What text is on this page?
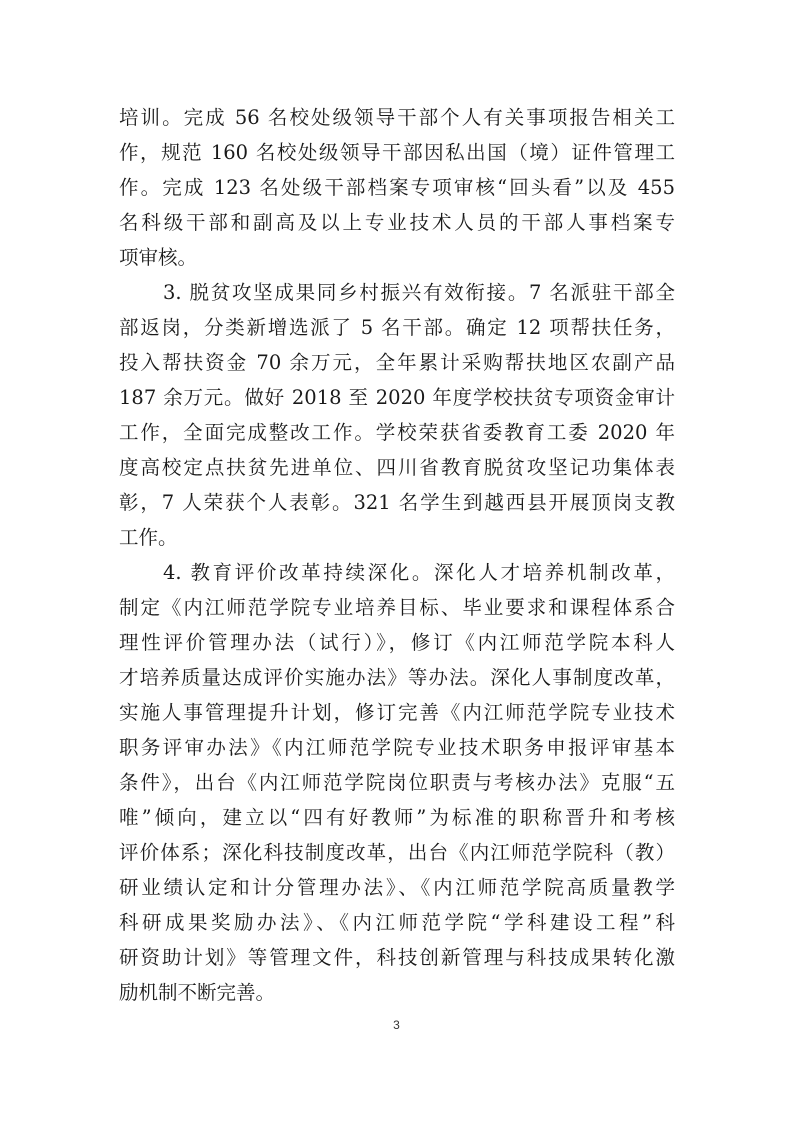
培训。完成 56 名校处级领导干部个人有关事项报告相关工
作，规范 160 名校处级领导干部因私出国（境）证件管理工
作。完成 123 名处级干部档案专项审核“回头看”以及 455
名科级干部和副高及以上专业技术人员的干部人事档案专
项审核。
3. 脱贫攻坚成果同乡村振兴有效衔接。7 名派驻干部全
部返岗，分类新增选派了 5 名干部。确定 12 项帮扶任务，
投入帮扶资金 70 余万元，全年累计采购帮扶地区农副产品
187 余万元。做好 2018 至 2020 年度学校扶贫专项资金审计
工作，全面完成整改工作。学校荣获省委教育工委 2020 年
度高校定点扶贫先进单位、四川省教育脱贫攻坚记功集体表
彰，7 人荣获个人表彰。321 名学生到越西县开展顶岗支教
工作。
4. 教育评价改革持续深化。深化人才培养机制改革，
制定《内江师范学院专业培养目标、毕业要求和课程体系合
理性评价管理办法（试行）》，修订《内江师范学院本科人
才培养质量达成评价实施办法》等办法。深化人事制度改革，
实施人事管理提升计划，修订完善《内江师范学院专业技术
职务评审办法》《内江师范学院专业技术职务申报评审基本
条件》，出台《内江师范学院岗位职责与考核办法》克服“五
唯”倾向，建立以“四有好教师”为标准的职称晋升和考核
评价体系；深化科技制度改革，出台《内江师范学院科（教）
研业绩认定和计分管理办法》、《内江师范学院高质量教学
科研成果奖励办法》、《内江师范学院“学科建设工程”科
研资助计划》等管理文件，科技创新管理与科技成果转化激
励机制不断完善。
3
